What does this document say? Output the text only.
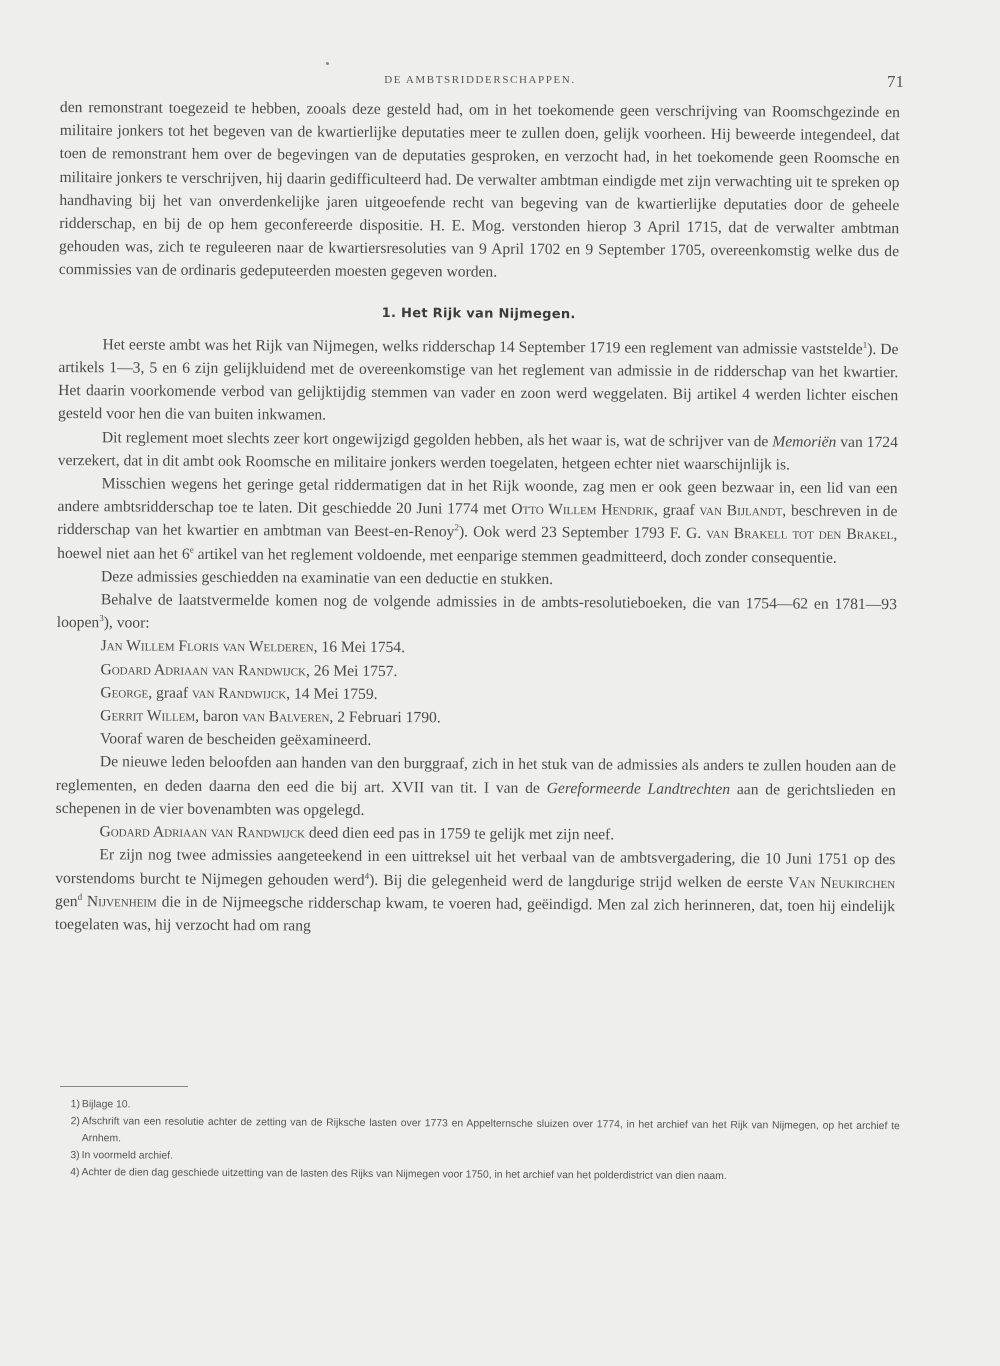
DE AMBTSRIDDERSCHAPPEN.	71

den remonstrant toegezeid te hebben, zooals deze gesteld had, om in het toekomende geen verschrijving van Roomschgezinde en militaire jonkers tot het begeven van de kwartierlijke deputaties meer te zullen doen, gelijk voorheen. Hij beweerde integendeel, dat toen de remonstrant hem over de begevingen van de deputaties gesproken, en verzocht had, in het toekomende geen Roomsche en militaire jonkers te verschrijven, hij daarin gedifficulteerd had. De verwalter ambtman eindigde met zijn verwachting uit te spreken op handhaving bij het van onverdenkelijke jaren uitgeoefende recht van begeving van de kwartierlijke deputaties door de geheele ridderschap, en bij de op hem geconfereerde dispositie. H. E. Mog. verstonden hierop 3 April 1715, dat de verwalter ambtman gehouden was, zich te reguleeren naar de kwartiersresoluties van 9 April 1702 en 9 September 1705, overeenkomstig welke dus de commissies van de ordinaris gedeputeerden moesten gegeven worden.

1. Het Rijk van Nijmegen.

Het eerste ambt was het Rijk van Nijmegen, welks ridderschap 14 September 1719 een reglement van admissie vaststelde$^1$). De artikels 1—3, 5 en 6 zijn gelijkluidend met de overeenkomstige van het reglement van admissie in de ridderschap van het kwartier. Het daarin voorkomende verbod van gelijktijdig stemmen van vader en zoon werd weggelaten. Bij artikel 4 werden lichter eischen gesteld voor hen die van buiten inkwamen.

Dit reglement moet slechts zeer kort ongewijzigd gegolden hebben, als het waar is, wat de schrijver van de Memoriën van 1724 verzekert, dat in dit ambt ook Roomsche en militaire jonkers werden toegelaten, hetgeen echter niet waarschijnlijk is.

Misschien wegens het geringe getal riddermatigen dat in het Rijk woonde, zag men er ook geen bezwaar in, een lid van een andere ambtsridderschap toe te laten. Dit geschiedde 20 Juni 1774 met Otto Willem Hendrik, graaf van Bijlandt, beschreven in de ridderschap van het kwartier en ambtman van Beest-en-Renoy$^2$). Ook werd 23 September 1793 F. G. van Brakell tot den Brakel, hoewel niet aan het 6e artikel van het reglement voldoende, met eenparige stemmen geadmitteerd, doch zonder consequentie.

Deze admissies geschiedden na examinatie van een deductie en stukken.

Behalve de laatstvermelde komen nog de volgende admissies in de ambts-resolutieboeken, die van 1754—62 en 1781—93 loopen$^3$), voor:

Jan Willem Floris van Welderen, 16 Mei 1754.

Godard Adriaan van Randwijck, 26 Mei 1757.

George, graaf van Randwijck, 14 Mei 1759.

Gerrit Willem, baron van Balveren, 2 Februari 1790.

Vooraf waren de bescheiden geëxamineerd.

De nieuwe leden beloofden aan handen van den burggraaf, zich in het stuk van de admissies als anders te zullen houden aan de reglementen, en deden daarna den eed die bij art. XVII van tit. I van de Gereformeerde Landtrechten aan de gerichtslieden en schepenen in de vier bovenambten was opgelegd.

Godard Adriaan van Randwijck deed dien eed pas in 1759 te gelijk met zijn neef.

Er zijn nog twee admissies aangeteekend in een uittreksel uit het verbaal van de ambtsvergadering, die 10 Juni 1751 op des vorstendoms burcht te Nijmegen gehouden werd$^4$). Bij die gelegenheid werd de langdurige strijd welken de eerste Van Neukirchen gen$^d$ Nijvenheim die in de Nijmeegsche ridderschap kwam, te voeren had, geëindigd. Men zal zich herinneren, dat, toen hij eindelijk toegelaten was, hij verzocht had om rang

1) Bijlage 10.

2) Afschrift van een resolutie achter de zetting van de Rijksche lasten over 1773 en Appelternsche sluizen over 1774, in het archief van het Rijk van Nijmegen, op het archief te Arnhem.

3) In voormeld archief.

4) Achter de dien dag geschiede uitzetting van de lasten des Rijks van Nijmegen voor 1750, in het archief van het polderdistrict van dien naam.
